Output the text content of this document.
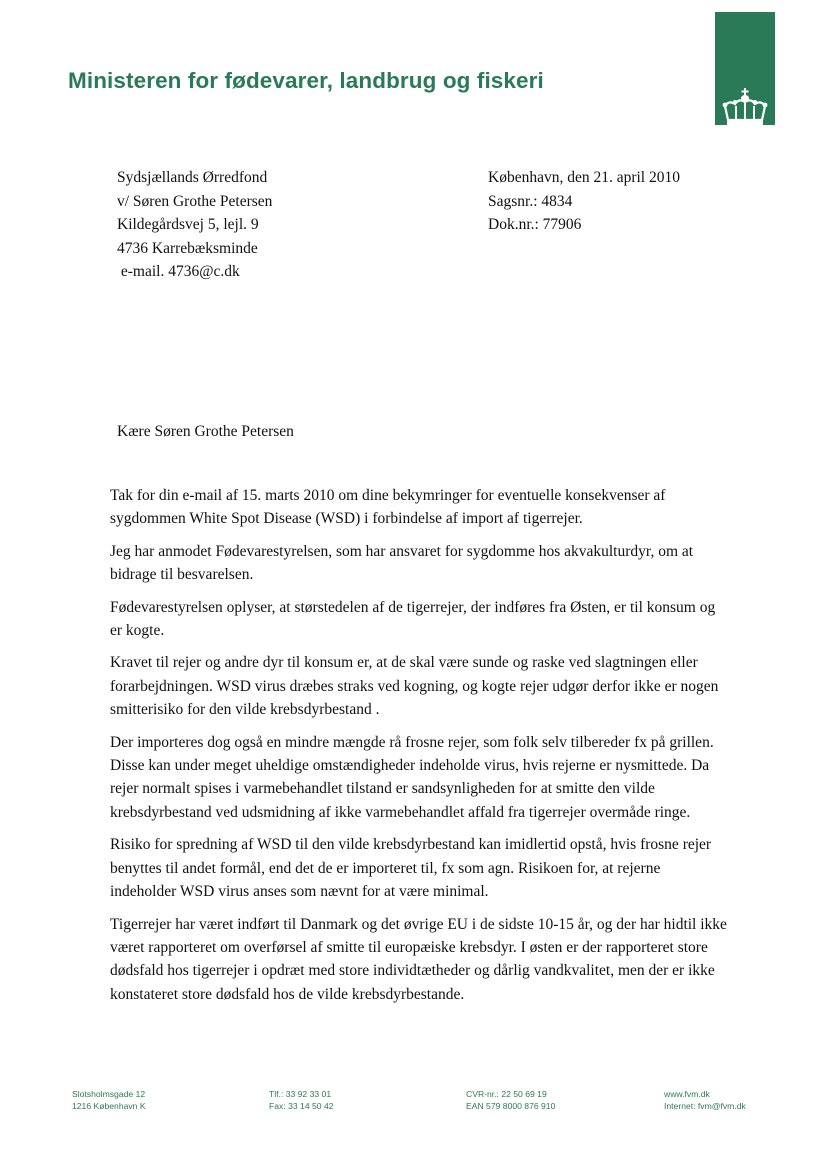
Ministeren for fødevarer, landbrug og fiskeri
Sydsjællands Ørredfond
v/ Søren Grothe Petersen
Kildegårdsvej 5, lejl. 9
4736 Karrebæksminde
e-mail. 4736@c.dk
København, den 21. april 2010
Sagsnr.: 4834
Dok.nr.: 77906
Kære Søren Grothe Petersen

Tak for din e-mail af 15. marts 2010 om dine bekymringer for eventuelle konsekvenser af sygdommen White Spot Disease (WSD) i forbindelse af import af tigerrejer.

Jeg har anmodet Fødevarestyrelsen, som har ansvaret for sygdomme hos akvakulturdyr, om at bidrage til besvarelsen.

Fødevarestyrelsen oplyser, at størstedelen af de tigerrejer, der indføres fra Østen, er til konsum og er kogte.

Kravet til rejer og andre dyr til konsum er, at de skal være sunde og raske ved slagtningen eller forarbejdningen. WSD virus dræbes straks ved kogning, og kogte rejer udgør derfor ikke er nogen smitterisiko for den vilde krebsdyrbestand .

Der importeres dog også en mindre mængde rå frosne rejer, som folk selv tilbereder fx på grillen. Disse kan under meget uheldige omstændigheder indeholde virus, hvis rejerne er nysmittede. Da rejer normalt spises i varmebehandlet tilstand er sandsynligheden for at smitte den vilde krebsdyrbestand ved udsmidning af ikke varmebehandlet affald fra tigerrejer overmåde ringe.

Risiko for spredning af WSD til den vilde krebsdyrbestand kan imidlertid opstå, hvis frosne rejer benyttes til andet formål, end det de er importeret til, fx som agn. Risikoen for, at rejerne indeholder WSD virus anses som nævnt for at være minimal.

Tigerrejer har været indført til Danmark og det øvrige EU i de sidste 10-15 år, og der har hidtil ikke været rapporteret om overførsel af smitte til europæiske krebsdyr. I østen er der rapporteret store dødsfald hos tigerrejer i opdræt med store individtætheder og dårlig vandkvalitet, men der er ikke konstateret store dødsfald hos de vilde krebsdyrbestande.

Slotsholmsgade 12
1216 København K
Tlf.: 33 92 33 01
Fax: 33 14 50 42
CVR-nr.: 22 50 69 19
EAN 579 8000 876 910
www.fvm.dk
Internet: fvm@fvm.dk
